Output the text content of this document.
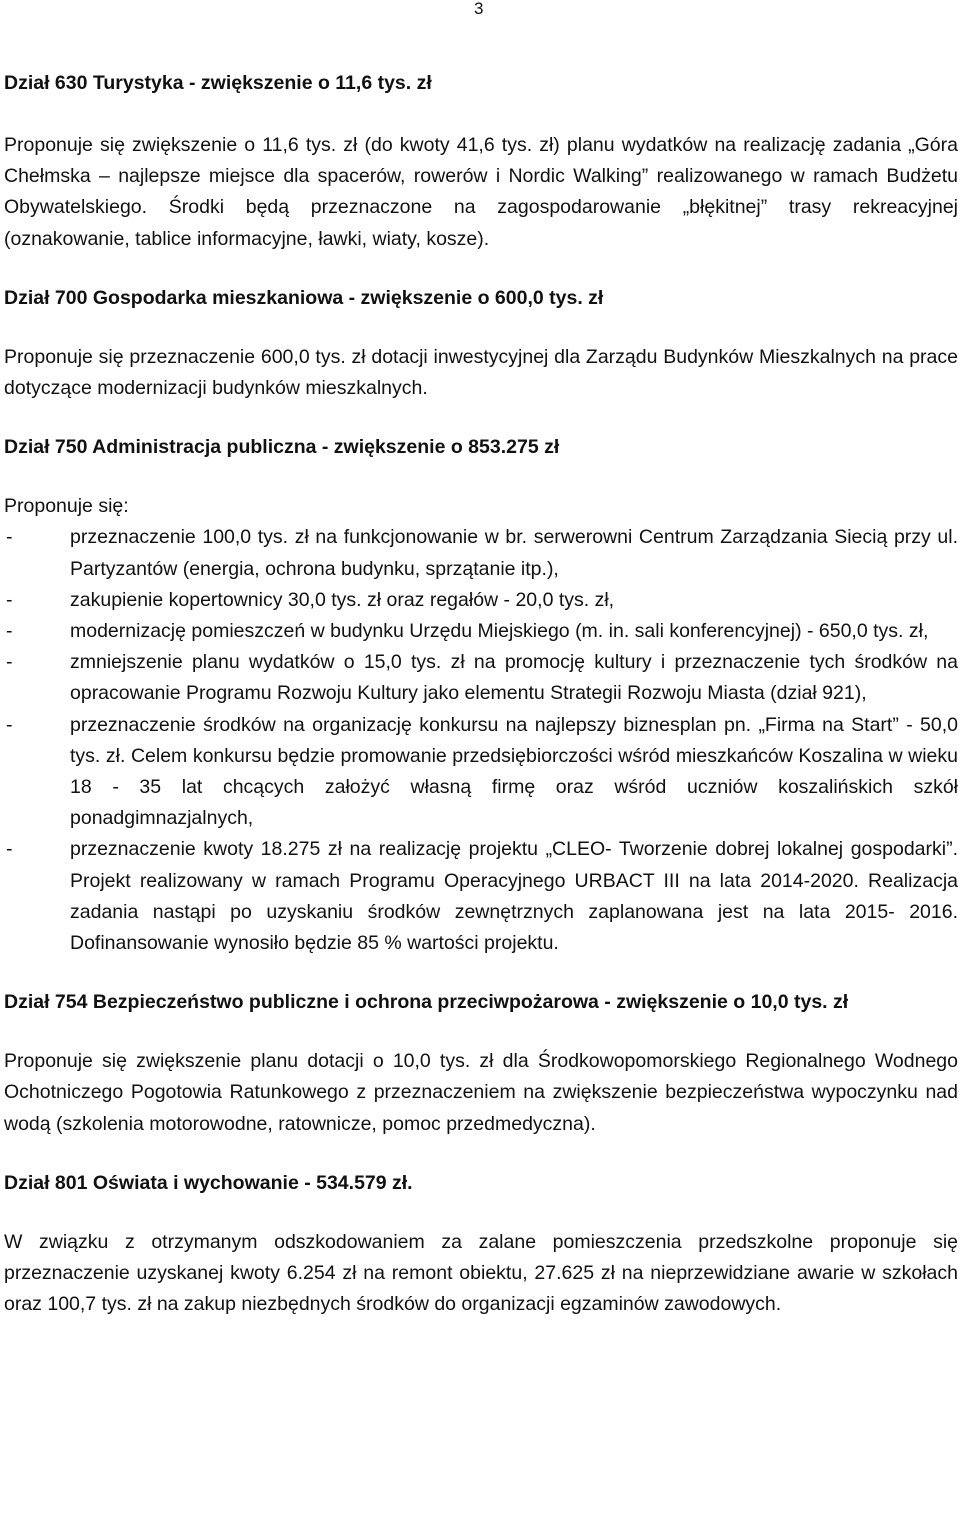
3
Dział 630 Turystyka - zwiększenie o 11,6 tys. zł

Proponuje się zwiększenie o 11,6 tys. zł (do kwoty 41,6 tys. zł) planu wydatków na realizację zadania „Góra Chełmska – najlepsze miejsce dla spacerów, rowerów i Nordic Walking” realizowanego w ramach Budżetu Obywatelskiego. Środki będą przeznaczone na zagospodarowanie „błękitnej” trasy rekreacyjnej (oznakowanie, tablice informacyjne, ławki, wiaty, kosze).

Dział 700 Gospodarka mieszkaniowa - zwiększenie o 600,0 tys. zł

Proponuje się przeznaczenie 600,0 tys. zł dotacji inwestycyjnej dla Zarządu Budynków Mieszkalnych na prace dotyczące modernizacji budynków mieszkalnych.

Dział 750 Administracja publiczna - zwiększenie o 853.275 zł

Proponuje się:

-	przeznaczenie 100,0 tys. zł na funkcjonowanie w br. serwerowni Centrum Zarządzania Siecią przy ul. Partyzantów (energia, ochrona budynku, sprzątanie itp.),
-	zakupienie kopertownicy 30,0 tys. zł oraz regałów - 20,0 tys. zł,
-	modernizację pomieszczeń w budynku Urzędu Miejskiego (m. in. sali konferencyjnej) - 650,0 tys. zł,
-	zmniejszenie planu wydatków o 15,0 tys. zł na promocję kultury i przeznaczenie tych środków na opracowanie Programu Rozwoju Kultury jako elementu Strategii Rozwoju Miasta (dział 921),
-	przeznaczenie środków na organizację konkursu na najlepszy biznesplan pn. „Firma na Start” - 50,0 tys. zł. Celem konkursu będzie promowanie przedsiębiorczości wśród mieszkańców Koszalina w wieku 18 - 35 lat chcących założyć własną firmę oraz wśród uczniów koszalińskich szkół ponadgimnazjalnych,
-	przeznaczenie kwoty 18.275 zł na realizację projektu „CLEO- Tworzenie dobrej lokalnej gospodarki”. Projekt realizowany w ramach Programu Operacyjnego URBACT III na lata 2014-2020. Realizacja zadania nastąpi po uzyskaniu środków zewnętrznych zaplanowana jest na lata 2015- 2016. Dofinansowanie wynosiło będzie 85 % wartości projektu.
Dział 754 Bezpieczeństwo publiczne i ochrona przeciwpożarowa - zwiększenie o 10,0 tys. zł

Proponuje się zwiększenie planu dotacji o 10,0 tys. zł dla Środkowopomorskiego Regionalnego Wodnego Ochotniczego Pogotowia Ratunkowego z przeznaczeniem na zwiększenie bezpieczeństwa wypoczynku nad wodą (szkolenia motorowodne, ratownicze, pomoc przedmedyczna).

Dział 801 Oświata i wychowanie - 534.579 zł.

W związku z otrzymanym odszkodowaniem za zalane pomieszczenia przedszkolne proponuje się przeznaczenie uzyskanej kwoty 6.254 zł na remont obiektu, 27.625 zł na nieprzewidziane awarie w szkołach oraz 100,7 tys. zł na zakup niezbędnych środków do organizacji egzaminów zawodowych.
